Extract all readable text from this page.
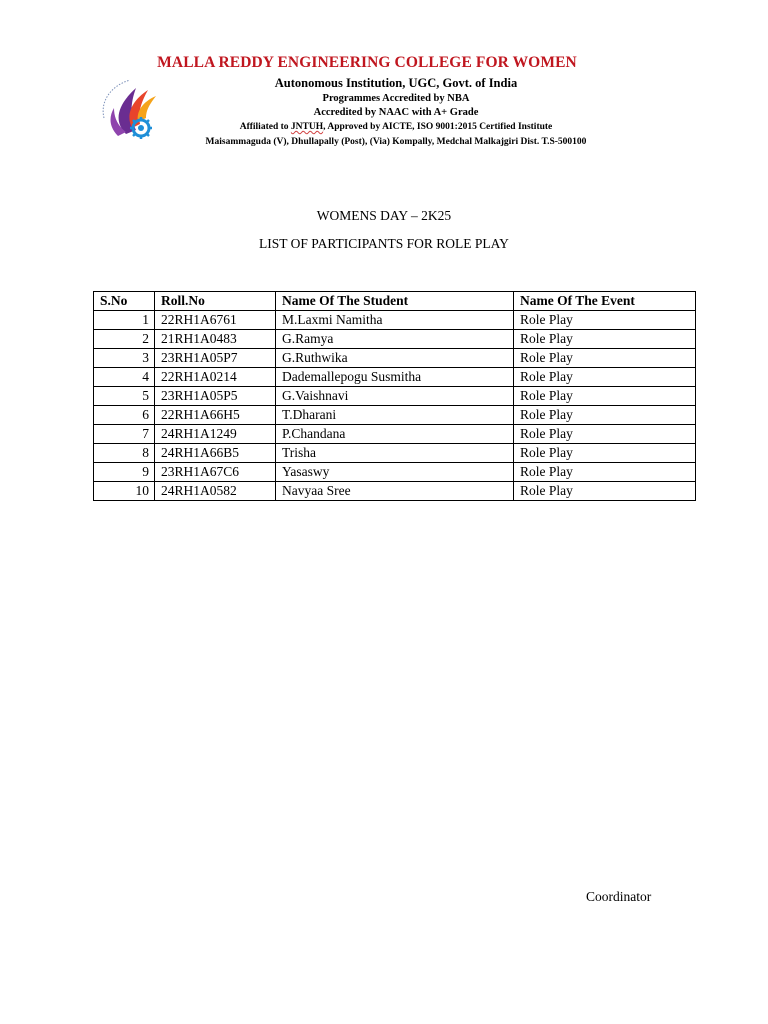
MALLA REDDY ENGINEERING COLLEGE FOR WOMEN
Autonomous Institution, UGC, Govt. of India
Programmes Accredited by NBA
Accredited by NAAC with A+ Grade
Affiliated to JNTUH, Approved by AICTE, ISO 9001:2015 Certified Institute
Maisammaguda (V), Dhullapally (Post), (Via) Kompally, Medchal Malkajgiri Dist. T.S-500100
WOMENS DAY – 2K25
LIST OF PARTICIPANTS FOR ROLE PLAY
S.No	Roll.No	Name Of The Student	Name Of The Event
1	22RH1A6761	M.Laxmi Namitha	Role Play
2	21RH1A0483	G.Ramya	Role Play
3	23RH1A05P7	G.Ruthwika	Role Play
4	22RH1A0214	Dademallepogu Susmitha	Role Play
5	23RH1A05P5	G.Vaishnavi	Role Play
6	22RH1A66H5	T.Dharani	Role Play
7	24RH1A1249	P.Chandana	Role Play
8	24RH1A66B5	Trisha	Role Play
9	23RH1A67C6	Yasaswy	Role Play
10	24RH1A0582	Navyaa Sree	Role Play
Coordinator
